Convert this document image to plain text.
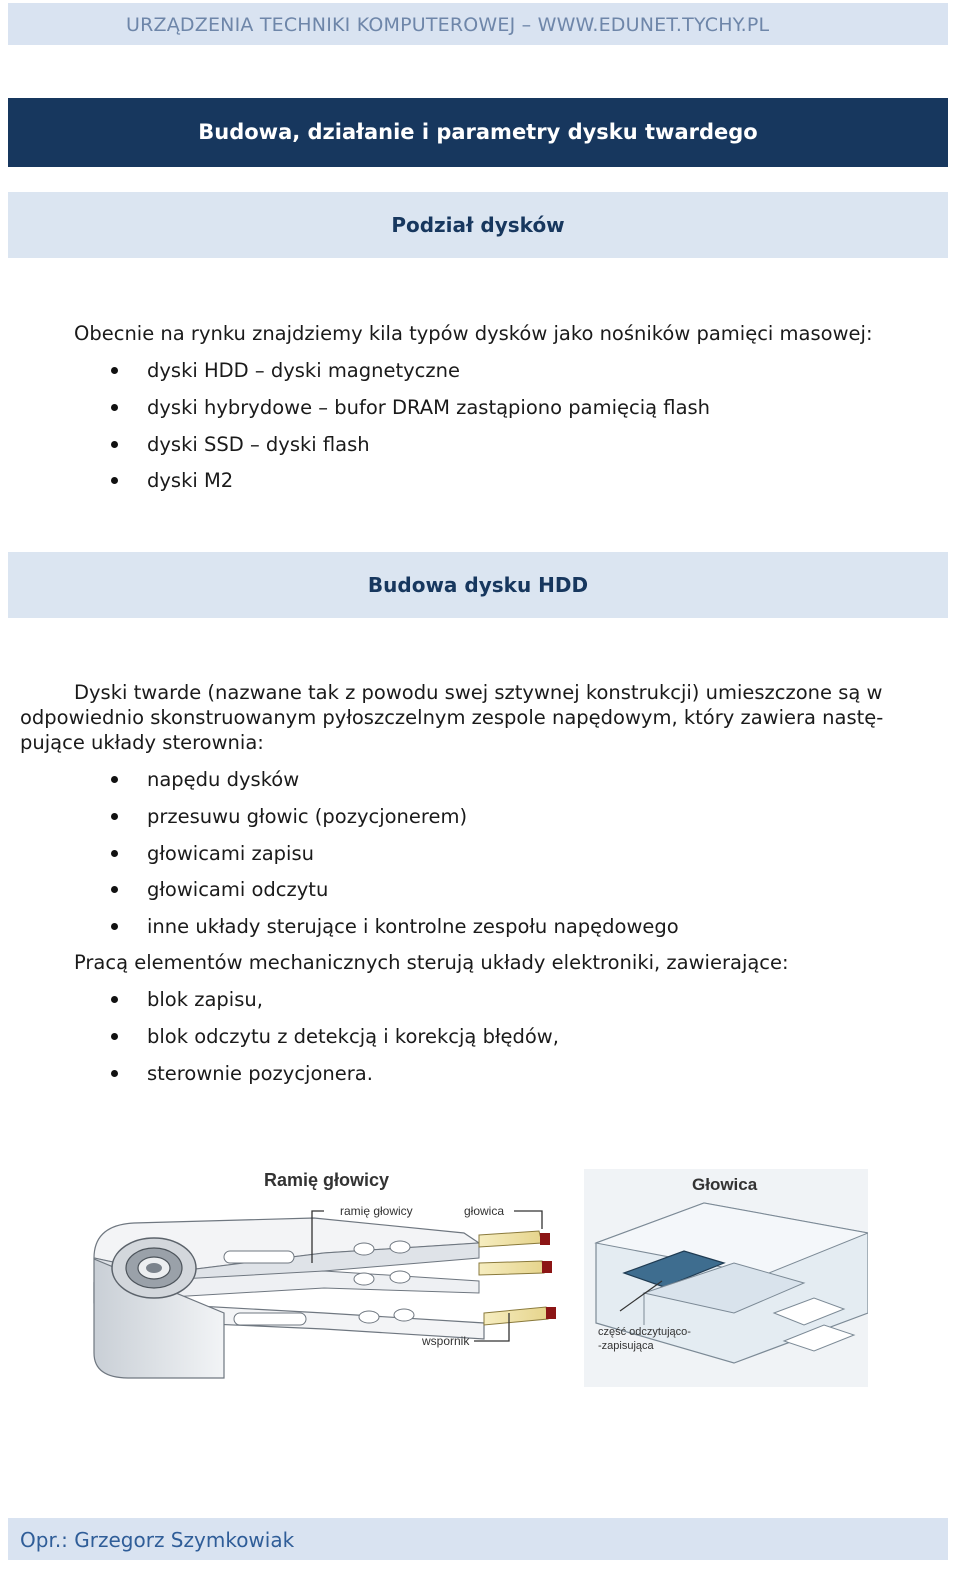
URZĄDZENIA TECHNIKI KOMPUTEROWEJ – WWW.EDUNET.TYCHY.PL
Budowa, działanie i parametry dysku twardego
Podział dysków

Obecnie na rynku znajdziemy kila typów dysków jako nośników pamięci masowej:

dyski HDD – dyski magnetyczne
dyski hybrydowe – bufor DRAM zastąpiono pamięcią flash
dyski SSD – dyski flash
dyski M2
Budowa dysku HDD

Dyski twarde (nazwane tak z powodu swej sztywnej konstrukcji) umieszczone są w

odpowiednio skonstruowanym pyłoszczelnym zespole napędowym, który zawiera nastę-

pujące układy sterownia:

napędu dysków
przesuwu głowic (pozycjonerem)
głowicami zapisu
głowicami odczytu
inne układy sterujące i kontrolne zespołu napędowego

Pracą elementów mechanicznych sterują układy elektroniki, zawierające:

blok zapisu,
blok odczytu z detekcją i korekcją błędów,
sterownie pozycjonera.
Ramię głowicy
ramię głowicy	głowica
wspornik
Głowica
część odczytująco-
-zapisująca
Opr.: Grzegorz Szymkowiak
